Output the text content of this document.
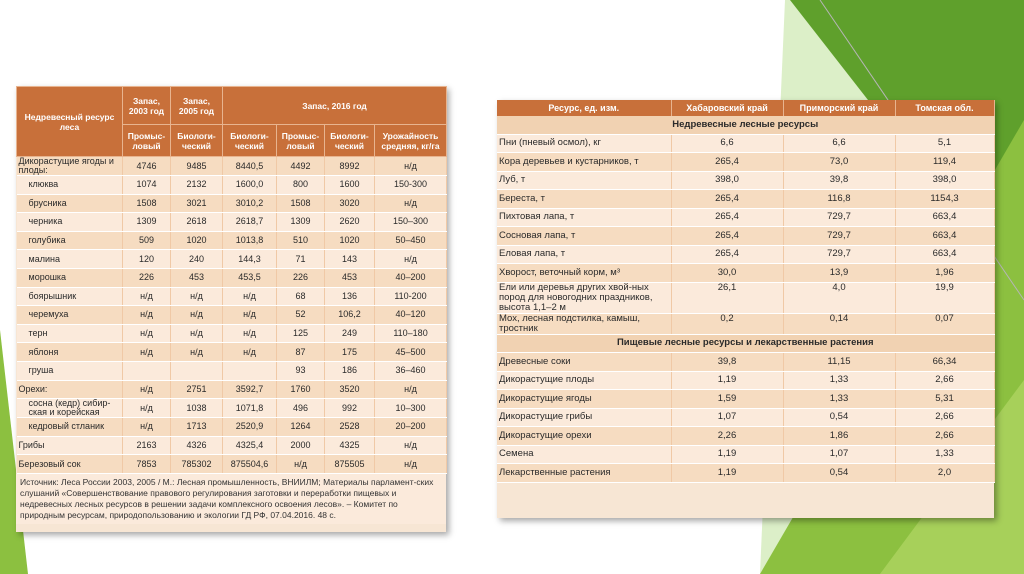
Недревесный ресурс леса	Запас, 2003 год	Запас, 2005 год	Запас, 2016 год			
	Промыс-ловый	Биологи-ческий	Биологи-ческий	Промыс-ловый	Биологи-ческий	Урожайность средняя, кг/га
Дикорастущие ягоды и плоды:	4746	9485	8440,5	4492	8992	н/д
клюква	1074	2132	1600,0	800	1600	150-300
брусника	1508	3021	3010,2	1508	3020	н/д
черника	1309	2618	2618,7	1309	2620	150–300
голубика	509	1020	1013,8	510	1020	50–450
малина	120	240	144,3	71	143	н/д
морошка	226	453	453,5	226	453	40–200
боярышник	н/д	н/д	н/д	68	136	110-200
черемуха	н/д	н/д	н/д	52	106,2	40–120
терн	н/д	н/д	н/д	125	249	110–180
яблоня	н/д	н/д	н/д	87	175	45–500
груша				93	186	36–460
Орехи:	н/д	2751	3592,7	1760	3520	н/д
сосна (кедр) сибир-ская и корейская	н/д	1038	1071,8	496	992	10–300
кедровый стланик	н/д	1713	2520,9	1264	2528	20–200
Грибы	2163	4326	4325,4	2000	4325	н/д
Березовый сок	7853	785302	875504,6	н/д	875505	н/д
Источник: Леса России 2003, 2005 / М.: Лесная промышленность, ВНИИЛМ; Материалы парламент-ских слушаний «Совершенствование правового регулирования заготовки и переработки пищевых и недревесных лесных ресурсов в решении задачи комплексного освоения лесов». – Комитет по природным ресурсам, природопользованию и экологии ГД РФ, 07.04.2016. 48 с.
Ресурс, ед. изм.	Хабаровский край	Приморский край	Томская обл.
Недревесные лесные ресурсы			
Пни (пневый осмол), кг	6,6	6,6	5,1
Кора деревьев и кустарников, т	265,4	73,0	119,4
Луб, т	398,0	39,8	398,0
Береста, т	265,4	116,8	1154,3
Пихтовая лапа, т	265,4	729,7	663,4
Сосновая лапа, т	265,4	729,7	663,4
Еловая лапа, т	265,4	729,7	663,4
Хворост, веточный корм, м³	30,0	13,9	1,96
Ели или деревья других хвой-ных пород для новогодних праздников, высота 1,1–2 м	26,1	4,0	19,9
Мох, лесная подстилка, камыш, тростник	0,2	0,14	0,07
Пищевые лесные ресурсы и лекарственные растения			
Древесные соки	39,8	11,15	66,34
Дикорастущие плоды	1,19	1,33	2,66
Дикорастущие ягоды	1,59	1,33	5,31
Дикорастущие грибы	1,07	0,54	2,66
Дикорастущие орехи	2,26	1,86	2,66
Семена	1,19	1,07	1,33
Лекарственные растения	1,19	0,54	2,0
